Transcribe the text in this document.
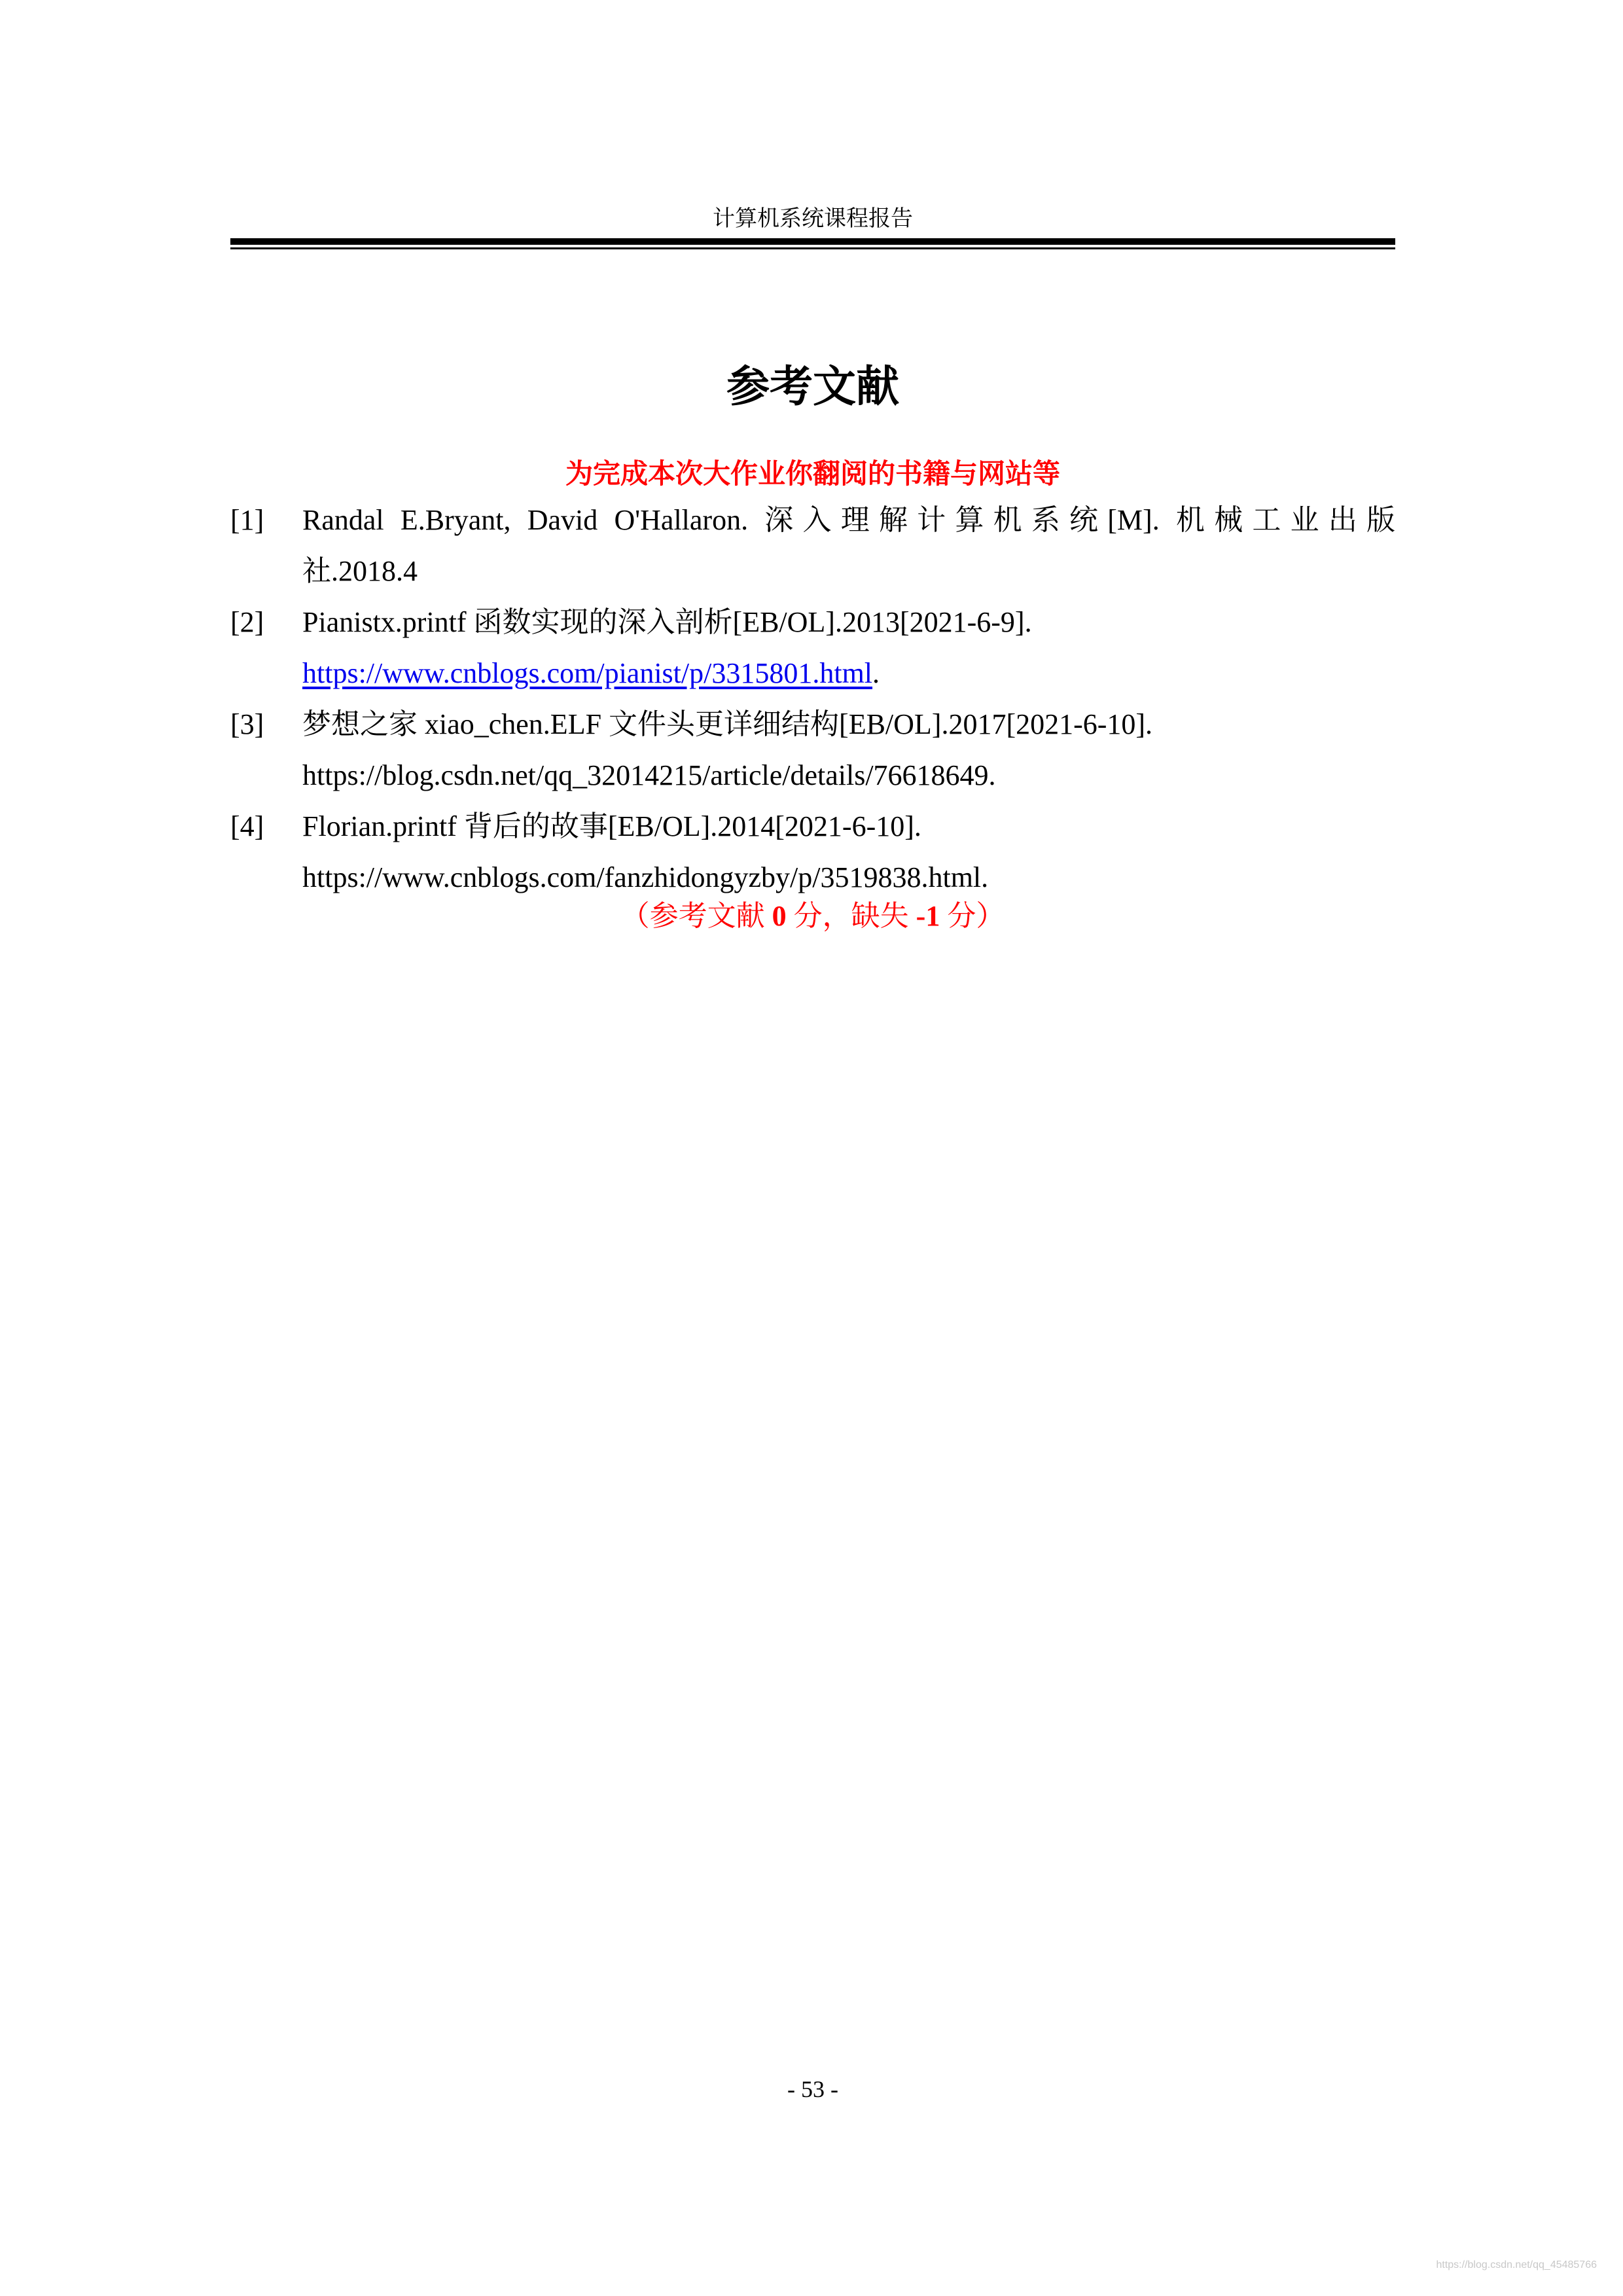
计算机系统课程报告
参考文献
为完成本次大作业你翻阅的书籍与网站等
[1]	Randal E.Bryant, David O'Hallaron. 深入理解计算机系统[M]. 机械工业出版
社.2018.4
[2]	Pianistx.printf 函数实现的深入剖析[EB/OL].2013[2021-6-9].
https://www.cnblogs.com/pianist/p/3315801.html.
[3]	梦想之家 xiao_chen.ELF 文件头更详细结构[EB/OL].2017[2021-6-10].
https://blog.csdn.net/qq_32014215/article/details/76618649.
[4]	Florian.printf 背后的故事[EB/OL].2014[2021-6-10].
https://www.cnblogs.com/fanzhidongyzby/p/3519838.html.
（参考文献 0 分，缺失 -1 分）
- 53 -
https://blog.csdn.net/qq_45485766
